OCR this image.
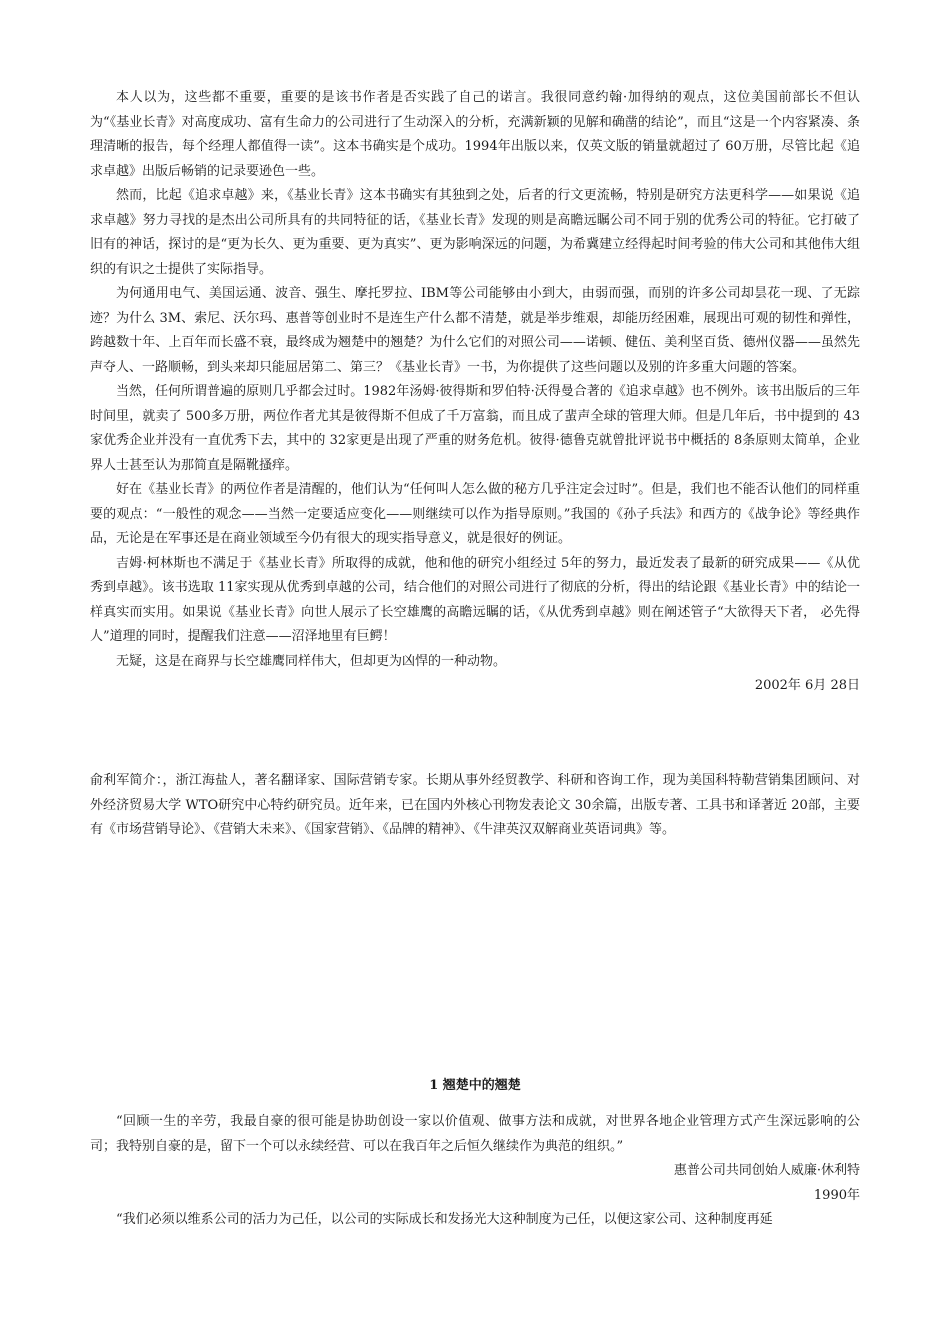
本人以为，这些都不重要，重要的是该书作者是否实践了自己的诺言。我很同意约翰·加得纳的观点，这位美国前部长不但认为“《基业长青》对高度成功、富有生命力的公司进行了生动深入的分析，充满新颖的见解和确凿的结论”，而且“这是一个内容紧凑、条理清晰的报告，每个经理人都值得一读”。这本书确实是个成功。1994年出版以来，仅英文版的销量就超过了 60万册，尽管比起《追求卓越》出版后畅销的记录要逊色一些。

然而，比起《追求卓越》来，《基业长青》这本书确实有其独到之处，后者的行文更流畅，特别是研究方法更科学——如果说《追求卓越》努力寻找的是杰出公司所具有的共同特征的话，《基业长青》发现的则是高瞻远瞩公司不同于别的优秀公司的特征。它打破了旧有的神话，探讨的是“更为长久、更为重要、更为真实”、更为影响深远的问题，为希冀建立经得起时间考验的伟大公司和其他伟大组织的有识之士提供了实际指导。

为何通用电气、美国运通、波音、强生、摩托罗拉、IBM等公司能够由小到大，由弱而强，而别的许多公司却昙花一现、了无踪迹？为什么 3M、索尼、沃尔玛、惠普等创业时不是连生产什么都不清楚，就是举步维艰，却能历经困难，展现出可观的韧性和弹性，跨越数十年、上百年而长盛不衰，最终成为翘楚中的翘楚？为什么它们的对照公司——诺顿、健伍、美利坚百货、德州仪器——虽然先声夺人、一路顺畅，到头来却只能屈居第二、第三？《基业长青》一书，为你提供了这些问题以及别的许多重大问题的答案。

当然，任何所谓普遍的原则几乎都会过时。1982年汤姆·彼得斯和罗伯特·沃得曼合著的《追求卓越》也不例外。该书出版后的三年时间里，就卖了 500多万册，两位作者尤其是彼得斯不但成了千万富翁，而且成了蜚声全球的管理大师。但是几年后，书中提到的 43家优秀企业并没有一直优秀下去，其中的 32家更是出现了严重的财务危机。彼得·德鲁克就曾批评说书中概括的 8条原则太简单，企业界人士甚至认为那简直是隔靴搔痒。

好在《基业长青》的两位作者是清醒的，他们认为“任何叫人怎么做的秘方几乎注定会过时”。但是，我们也不能否认他们的同样重要的观点：“一般性的观念——当然一定要适应变化——则继续可以作为指导原则。”我国的《孙子兵法》和西方的《战争论》等经典作品，无论是在军事还是在商业领域至今仍有很大的现实指导意义，就是很好的例证。

吉姆·柯林斯也不满足于《基业长青》所取得的成就，他和他的研究小组经过 5年的努力，最近发表了最新的研究成果——《从优秀到卓越》。该书选取 11家实现从优秀到卓越的公司，结合他们的对照公司进行了彻底的分析，得出的结论跟《基业长青》中的结论一样真实而实用。如果说《基业长青》向世人展示了长空雄鹰的高瞻远瞩的话，《从优秀到卓越》则在阐述管子“大欲得天下者， 必先得人”道理的同时，提醒我们注意——沼泽地里有巨鳄！

无疑，这是在商界与长空雄鹰同样伟大，但却更为凶悍的一种动物。

2002年 6月 28日

俞利军简介：，浙江海盐人，著名翻译家、国际营销专家。长期从事外经贸教学、科研和咨询工作，现为美国科特勒营销集团顾问、对外经济贸易大学 WTO研究中心特约研究员。近年来，已在国内外核心刊物发表论文 30余篇，出版专著、工具书和译著近 20部，主要有《市场营销导论》、《营销大未来》、《国家营销》、《品牌的精神》、《牛津英汉双解商业英语词典》等。

1 翘楚中的翘楚

“回顾一生的辛劳，我最自豪的很可能是协助创设一家以价值观、做事方法和成就，对世界各地企业管理方式产生深远影响的公司；我特别自豪的是，留下一个可以永续经营、可以在我百年之后恒久继续作为典范的组织。”

惠普公司共同创始人威廉·休利特

1990年

“我们必须以维系公司的活力为己任，以公司的实际成长和发扬光大这种制度为己任，以便这家公司、这种制度再延
